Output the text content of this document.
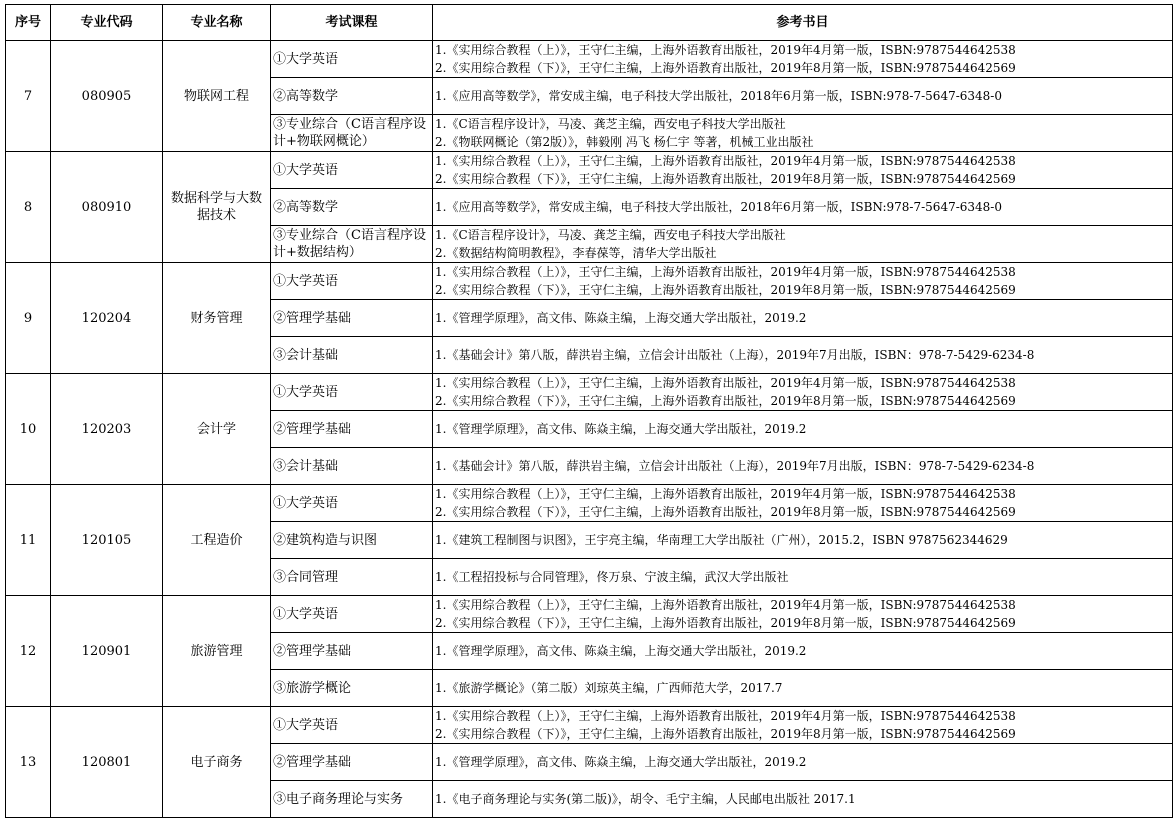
序号	专业代码	专业名称	考试课程	参考书目
7	080905	物联网工程	①大学英语	1.《实用综合教程（上）》，王守仁主编，上海外语教育出版社，2019年4月第一版，ISBN:9787544642538
2.《实用综合教程（下）》，王守仁主编，上海外语教育出版社，2019年8月第一版，ISBN:9787544642569

			②高等数学	1.《应用高等数学》，常安成主编，电子科技大学出版社，2018年6月第一版，ISBN:978-7-5647-6348-0

			③专业综合（C语言程序设计+物联网概论）	1.《C语言程序设计》，马凌、龚芝主编，西安电子科技大学出版社
2.《物联网概论（第2版）》，韩毅刚 冯飞 杨仁宇 等著，机械工业出版社

8	080910	数据科学与大数据技术	①大学英语	1.《实用综合教程（上）》，王守仁主编，上海外语教育出版社，2019年4月第一版，ISBN:9787544642538
2.《实用综合教程（下）》，王守仁主编，上海外语教育出版社，2019年8月第一版，ISBN:9787544642569

			②高等数学	1.《应用高等数学》，常安成主编，电子科技大学出版社，2018年6月第一版，ISBN:978-7-5647-6348-0

			③专业综合（C语言程序设计+数据结构）	1.《C语言程序设计》，马凌、龚芝主编，西安电子科技大学出版社
2.《数据结构简明教程》，李春葆等，清华大学出版社

9	120204	财务管理	①大学英语	1.《实用综合教程（上）》，王守仁主编，上海外语教育出版社，2019年4月第一版，ISBN:9787544642538
2.《实用综合教程（下）》，王守仁主编，上海外语教育出版社，2019年8月第一版，ISBN:9787544642569

			②管理学基础	1.《管理学原理》，高文伟、陈焱主编，上海交通大学出版社，2019.2

			③会计基础	1.《基础会计》第八版，薛洪岩主编，立信会计出版社（上海），2019年7月出版，ISBN：978-7-5429-6234-8

10	120203	会计学	①大学英语	1.《实用综合教程（上）》，王守仁主编，上海外语教育出版社，2019年4月第一版，ISBN:9787544642538
2.《实用综合教程（下）》，王守仁主编，上海外语教育出版社，2019年8月第一版，ISBN:9787544642569

			②管理学基础	1.《管理学原理》，高文伟、陈焱主编，上海交通大学出版社，2019.2

			③会计基础	1.《基础会计》第八版，薛洪岩主编，立信会计出版社（上海），2019年7月出版，ISBN：978-7-5429-6234-8

11	120105	工程造价	①大学英语	1.《实用综合教程（上）》，王守仁主编，上海外语教育出版社，2019年4月第一版，ISBN:9787544642538
2.《实用综合教程（下）》，王守仁主编，上海外语教育出版社，2019年8月第一版，ISBN:9787544642569

			②建筑构造与识图	1.《建筑工程制图与识图》，王宇亮主编，华南理工大学出版社（广州），2015.2，ISBN 9787562344629

			③合同管理	1.《工程招投标与合同管理》，佟万泉、宁波主编，武汉大学出版社

12	120901	旅游管理	①大学英语	1.《实用综合教程（上）》，王守仁主编，上海外语教育出版社，2019年4月第一版，ISBN:9787544642538
2.《实用综合教程（下）》，王守仁主编，上海外语教育出版社，2019年8月第一版，ISBN:9787544642569

			②管理学基础	1.《管理学原理》，高文伟、陈焱主编，上海交通大学出版社，2019.2

			③旅游学概论	1.《旅游学概论》（第二版）刘琼英主编，广西师范大学，2017.7

13	120801	电子商务	①大学英语	1.《实用综合教程（上）》，王守仁主编，上海外语教育出版社，2019年4月第一版，ISBN:9787544642538
2.《实用综合教程（下）》，王守仁主编，上海外语教育出版社，2019年8月第一版，ISBN:9787544642569

			②管理学基础	1.《管理学原理》，高文伟、陈焱主编，上海交通大学出版社，2019.2

			③电子商务理论与实务	1.《电子商务理论与实务(第二版)》，胡令、毛宁主编，人民邮电出版社 2017.1
